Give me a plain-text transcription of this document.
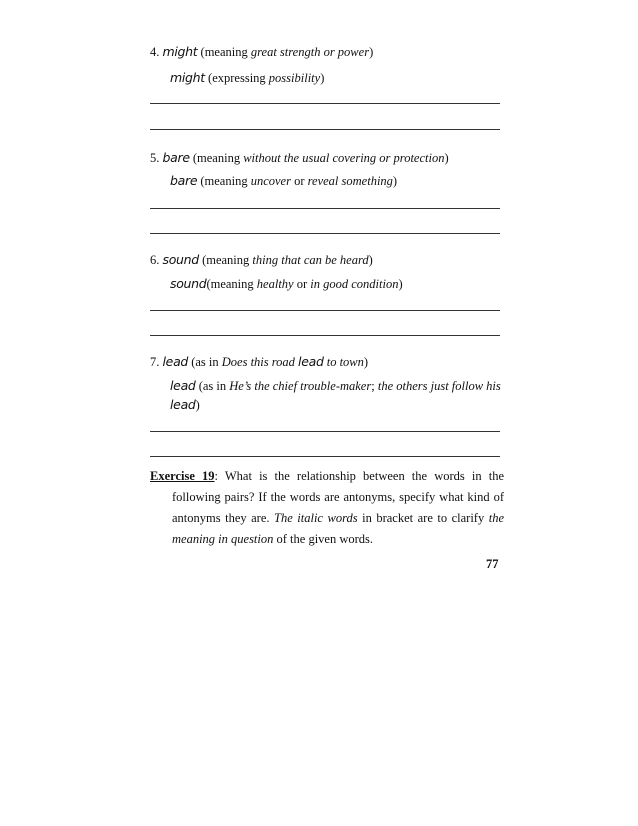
4. might (meaning great strength or power)
might (expressing possibility)
5. bare (meaning without the usual covering or protection)
bare (meaning uncover or reveal something)
6. sound (meaning thing that can be heard)
sound(meaning healthy or in good condition)
7. lead (as in Does this road lead to town)
lead (as in He’s the chief trouble-maker; the others just follow his
lead)
Exercise 19: What is the relationship between the words in the following pairs? If the words are antonyms, specify what kind of antonyms they are. The italic words in bracket are to clarify the meaning in question of the given words.
77
